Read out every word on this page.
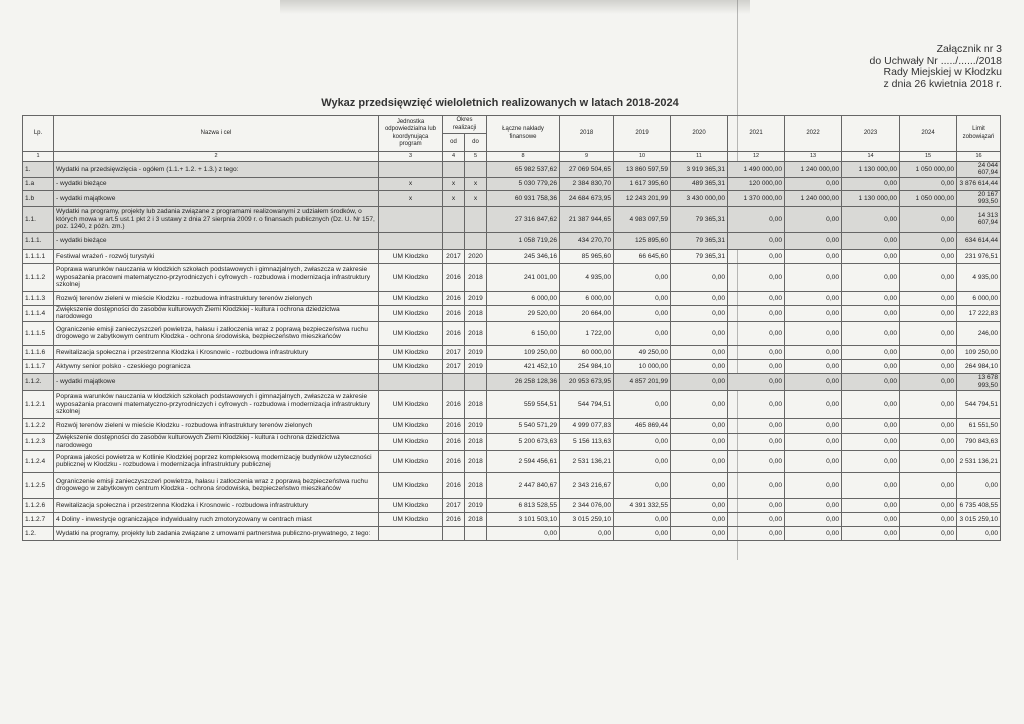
Załącznik nr 3
do Uchwały Nr ...../....../2018
Rady Miejskiej w Kłodzku
z dnia 26 kwietnia 2018 r.
Wykaz przedsięwzięć wieloletnich realizowanych w latach 2018-2024
Lp.	Nazwa i cel	Jednostka odpowiedzialna lub koordynująca program	Okres realizacji		Łączne nakłady finansowe	2018	2019	2020	2021	2022	2023	2024	Limit zobowiązań
			od	do									
1	2	3	4	5	8	9	10	11	12	13	14	15	16
1.	Wydatki na przedsięwzięcia - ogółem (1.1.+ 1.2. + 1.3.) z tego:				65 982 537,62	27 069 504,65	13 860 597,59	3 919 365,31	1 490 000,00	1 240 000,00	1 130 000,00	1 050 000,00	24 044 607,94
1.a	- wydatki bieżące	x	x	x	5 030 779,26	2 384 830,70	1 617 395,60	489 365,31	120 000,00	0,00	0,00	0,00	3 876 614,44
1.b	- wydatki majątkowe	x	x	x	60 931 758,36	24 684 673,95	12 243 201,99	3 430 000,00	1 370 000,00	1 240 000,00	1 130 000,00	1 050 000,00	20 167 993,50
1.1.	Wydatki na programy, projekty lub zadania związane z programami realizowanymi z udziałem środków, o których mowa w art.5 ust.1 pkt 2 i 3 ustawy z dnia 27 sierpnia 2009 r. o finansach publicznych (Dz. U. Nr 157, poz. 1240, z późn. zm.)				27 316 847,62	21 387 944,65	4 983 097,59	79 365,31	0,00	0,00	0,00	0,00	14 313 607,94
1.1.1.	- wydatki bieżące				1 058 719,26	434 270,70	125 895,60	79 365,31	0,00	0,00	0,00	0,00	634 614,44
1.1.1.1	Festiwal wrażeń - rozwój turystyki	UM Kłodzko	2017	2020	245 346,16	85 965,60	66 645,60	79 365,31	0,00	0,00	0,00	0,00	231 976,51
1.1.1.2	Poprawa warunków nauczania w kłodzkich szkołach podstawowych i gimnazjalnych, zwłaszcza w zakresie wyposażania pracowni matematyczno-przyrodniczych i cyfrowych - rozbudowa i modernizacja infrastruktury szkolnej	UM Kłodzko	2016	2018	241 001,00	4 935,00	0,00	0,00	0,00	0,00	0,00	0,00	4 935,00
1.1.1.3	Rozwój terenów zieleni w mieście Kłodzku - rozbudowa infrastruktury terenów zielonych	UM Kłodzko	2016	2019	6 000,00	6 000,00	0,00	0,00	0,00	0,00	0,00	0,00	6 000,00
1.1.1.4	Zwiększenie dostępności do zasobów kulturowych Ziemi Kłodzkiej - kultura i ochrona dziedzictwa narodowego	UM Kłodzko	2016	2018	29 520,00	20 664,00	0,00	0,00	0,00	0,00	0,00	0,00	17 222,83
1.1.1.5	Ograniczenie emisji zanieczyszczeń powietrza, hałasu i zatłoczenia wraz z poprawą bezpieczeństwa ruchu drogowego w zabytkowym centrum Kłodzka - ochrona środowiska, bezpieczeństwo mieszkańców	UM Kłodzko	2016	2018	6 150,00	1 722,00	0,00	0,00	0,00	0,00	0,00	0,00	246,00
1.1.1.6	Rewitalizacja społeczna i przestrzenna Kłodzka i Krosnowic - rozbudowa infrastruktury	UM Kłodzko	2017	2019	109 250,00	60 000,00	49 250,00	0,00	0,00	0,00	0,00	0,00	109 250,00
1.1.1.7	Aktywny senior polsko - czeskiego pogranicza	UM Kłodzko	2017	2019	421 452,10	254 984,10	10 000,00	0,00	0,00	0,00	0,00	0,00	264 984,10
1.1.2.	- wydatki majątkowe				26 258 128,36	20 953 673,95	4 857 201,99	0,00	0,00	0,00	0,00	0,00	13 678 993,50
1.1.2.1	Poprawa warunków nauczania w kłodzkich szkołach podstawowych i gimnazjalnych, zwłaszcza w zakresie wyposażania pracowni matematyczno-przyrodniczych i cyfrowych - rozbudowa i modernizacja infrastruktury szkolnej	UM Kłodzko	2016	2018	559 554,51	544 794,51	0,00	0,00	0,00	0,00	0,00	0,00	544 794,51
1.1.2.2	Rozwój terenów zieleni w mieście Kłodzku - rozbudowa infrastruktury terenów zielonych	UM Kłodzko	2016	2019	5 540 571,29	4 999 077,83	465 869,44	0,00	0,00	0,00	0,00	0,00	61 551,50
1.1.2.3	Zwiększenie dostępności do zasobów kulturowych Ziemi Kłodzkiej - kultura i ochrona dziedzictwa narodowego	UM Kłodzko	2016	2018	5 200 673,63	5 156 113,63	0,00	0,00	0,00	0,00	0,00	0,00	790 843,63
1.1.2.4	Poprawa jakości powietrza w Kotlinie Kłodzkiej poprzez kompleksową modernizację budynków użyteczności publicznej w Kłodzku - rozbudowa i modernizacja infrastruktury publicznej	UM Kłodzko	2016	2018	2 594 456,61	2 531 136,21	0,00	0,00	0,00	0,00	0,00	0,00	2 531 136,21
1.1.2.5	Ograniczenie emisji zanieczyszczeń powietrza, hałasu i zatłoczenia wraz z poprawą bezpieczeństwa ruchu drogowego w zabytkowym centrum Kłodzka - ochrona środowiska, bezpieczeństwo mieszkańców	UM Kłodzko	2016	2018	2 447 840,67	2 343 216,67	0,00	0,00	0,00	0,00	0,00	0,00	0,00
1.1.2.6	Rewitalizacja społeczna i przestrzenna Kłodzka i Krosnowic - rozbudowa infrastruktury	UM Kłodzko	2017	2019	6 813 528,55	2 344 076,00	4 391 332,55	0,00	0,00	0,00	0,00	0,00	6 735 408,55
1.1.2.7	4 Doliny - inwestycje ograniczające indywidualny ruch zmotoryzowany w centrach miast	UM Kłodzko	2016	2018	3 101 503,10	3 015 259,10	0,00	0,00	0,00	0,00	0,00	0,00	3 015 259,10
1.2.	Wydatki na programy, projekty lub zadania związane z umowami partnerstwa publiczno-prywatnego, z tego:				0,00	0,00	0,00	0,00	0,00	0,00	0,00	0,00	0,00
